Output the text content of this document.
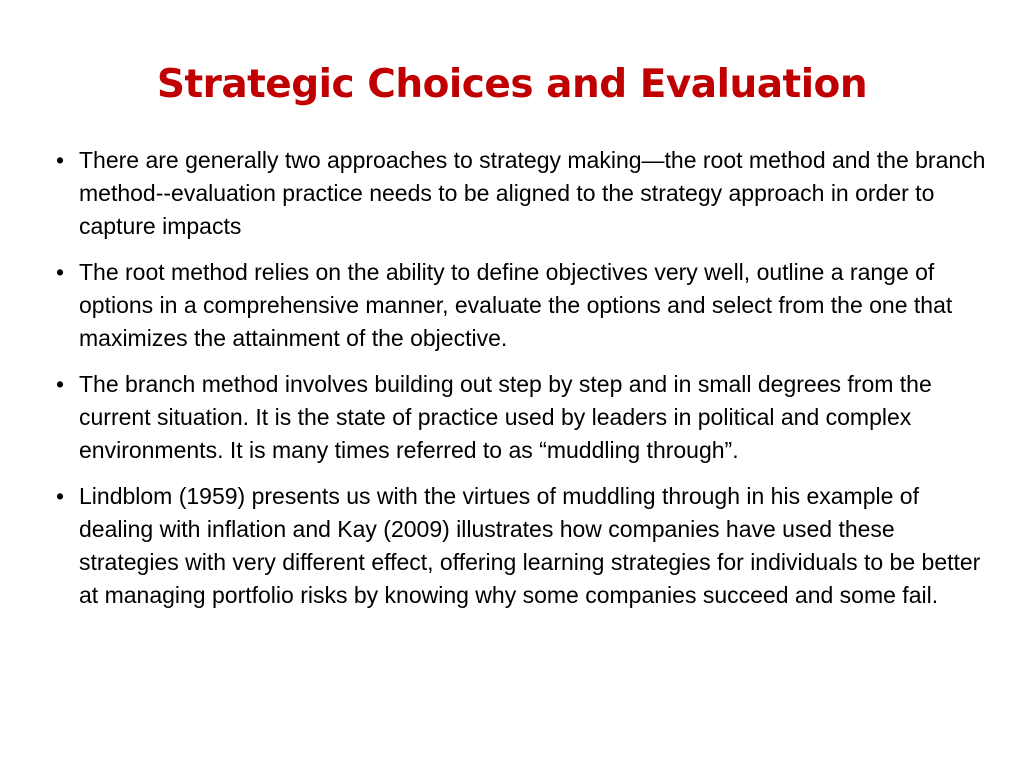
Strategic Choices and Evaluation
• There are generally two approaches to strategy making—the root method and the branch method--evaluation practice needs to be aligned to the strategy approach in order to capture impacts
• The root method relies on the ability to define objectives very well, outline a range of options in a comprehensive manner, evaluate the options and select from the one that maximizes the attainment of the objective.
• The branch method involves building out step by step and in small degrees from the current situation. It is the state of practice used by leaders in political and complex environments. It is many times referred to as “muddling through”.
• Lindblom (1959) presents us with the virtues of muddling through in his example of dealing with inflation and Kay (2009) illustrates how companies have used these strategies with very different effect, offering learning strategies for individuals to be better at managing portfolio risks by knowing why some companies succeed and some fail.
